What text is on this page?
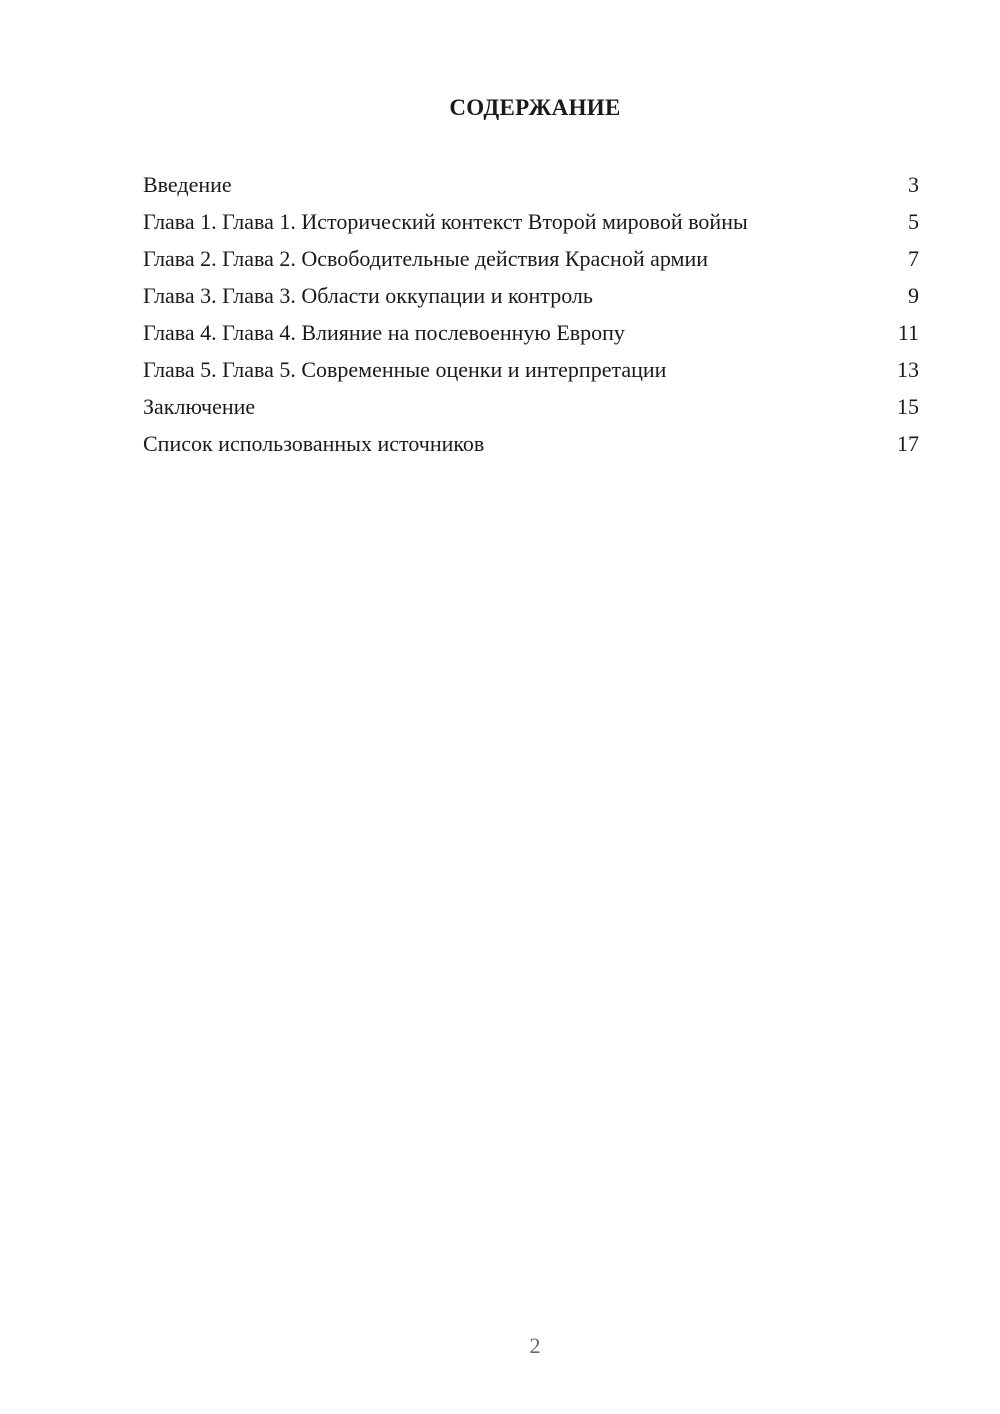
СОДЕРЖАНИЕ
Введение	3
Глава 1. Глава 1. Исторический контекст Второй мировой войны	5
Глава 2. Глава 2. Освободительные действия Красной армии	7
Глава 3. Глава 3. Области оккупации и контроль	9
Глава 4. Глава 4. Влияние на послевоенную Европу	11
Глава 5. Глава 5. Современные оценки и интерпретации	13
Заключение	15
Список использованных источников	17
2
